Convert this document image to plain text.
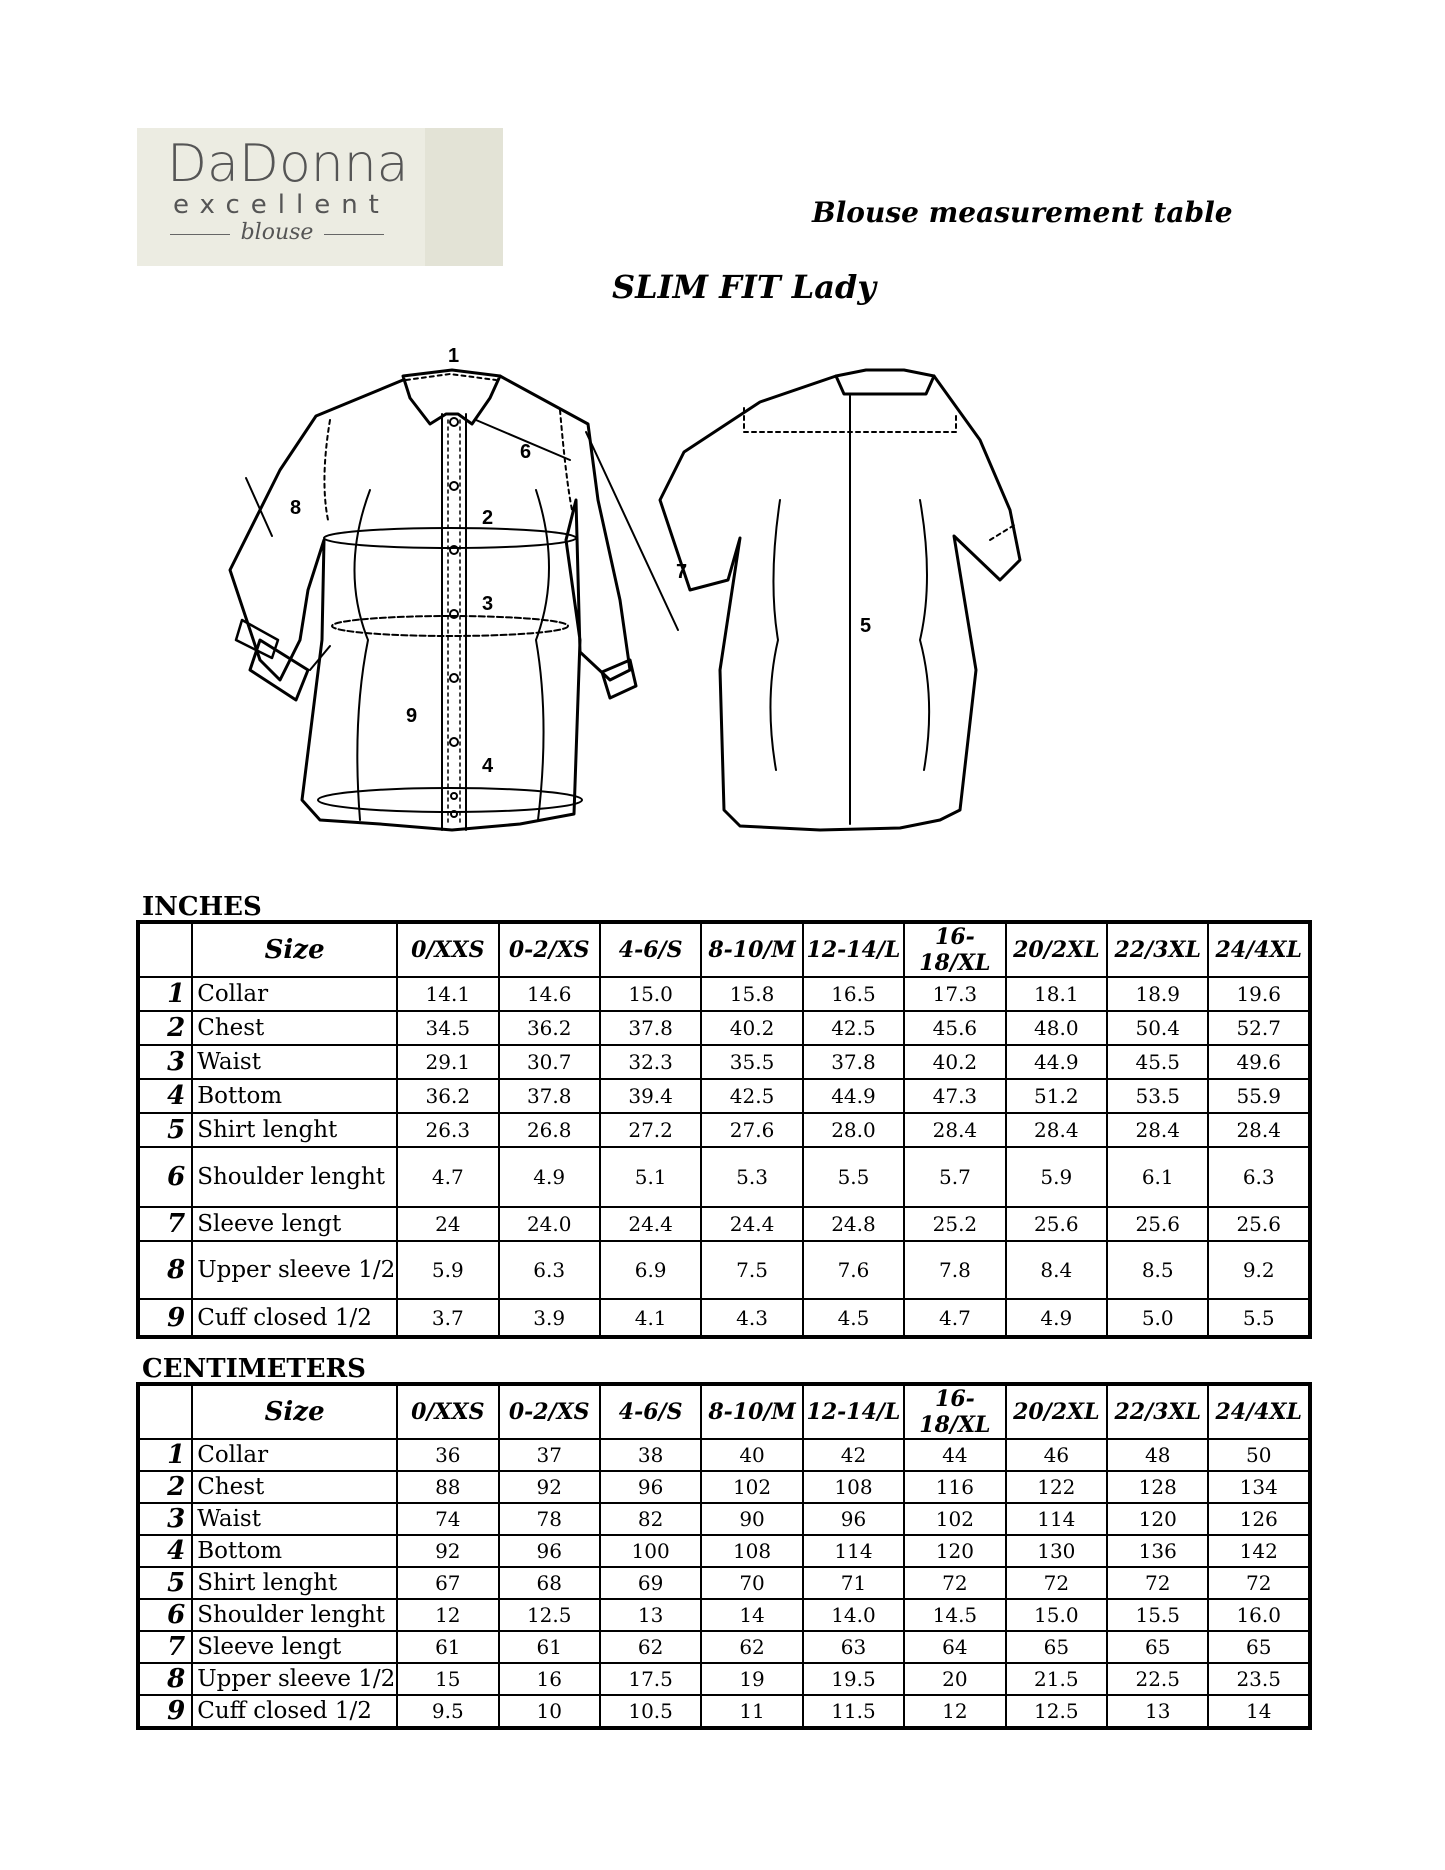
DaDonna
excellent
blouse
Blouse measurement table
SLIM FIT Lady
1
2
3
4
5
6
7
8
9
INCHES
	Size	0/XXS	0-2/XS	4-6/S	8-10/M	12-14/L	16-18/XL	20/2XL	22/3XL	24/4XL
1	Collar	14.1	14.6	15.0	15.8	16.5	17.3	18.1	18.9	19.6
2	Chest	34.5	36.2	37.8	40.2	42.5	45.6	48.0	50.4	52.7
3	Waist	29.1	30.7	32.3	35.5	37.8	40.2	44.9	45.5	49.6
4	Bottom	36.2	37.8	39.4	42.5	44.9	47.3	51.2	53.5	55.9
5	Shirt lenght	26.3	26.8	27.2	27.6	28.0	28.4	28.4	28.4	28.4
6	Shoulder lenght	4.7	4.9	5.1	5.3	5.5	5.7	5.9	6.1	6.3
7	Sleeve lengt	24	24.0	24.4	24.4	24.8	25.2	25.6	25.6	25.6
8	Upper sleeve 1/2	5.9	6.3	6.9	7.5	7.6	7.8	8.4	8.5	9.2
9	Cuff closed 1/2	3.7	3.9	4.1	4.3	4.5	4.7	4.9	5.0	5.5
CENTIMETERS
	Size	0/XXS	0-2/XS	4-6/S	8-10/M	12-14/L	16-18/XL	20/2XL	22/3XL	24/4XL
1	Collar	36	37	38	40	42	44	46	48	50
2	Chest	88	92	96	102	108	116	122	128	134
3	Waist	74	78	82	90	96	102	114	120	126
4	Bottom	92	96	100	108	114	120	130	136	142
5	Shirt lenght	67	68	69	70	71	72	72	72	72
6	Shoulder lenght	12	12.5	13	14	14.0	14.5	15.0	15.5	16.0
7	Sleeve lengt	61	61	62	62	63	64	65	65	65
8	Upper sleeve 1/2	15	16	17.5	19	19.5	20	21.5	22.5	23.5
9	Cuff closed 1/2	9.5	10	10.5	11	11.5	12	12.5	13	14
